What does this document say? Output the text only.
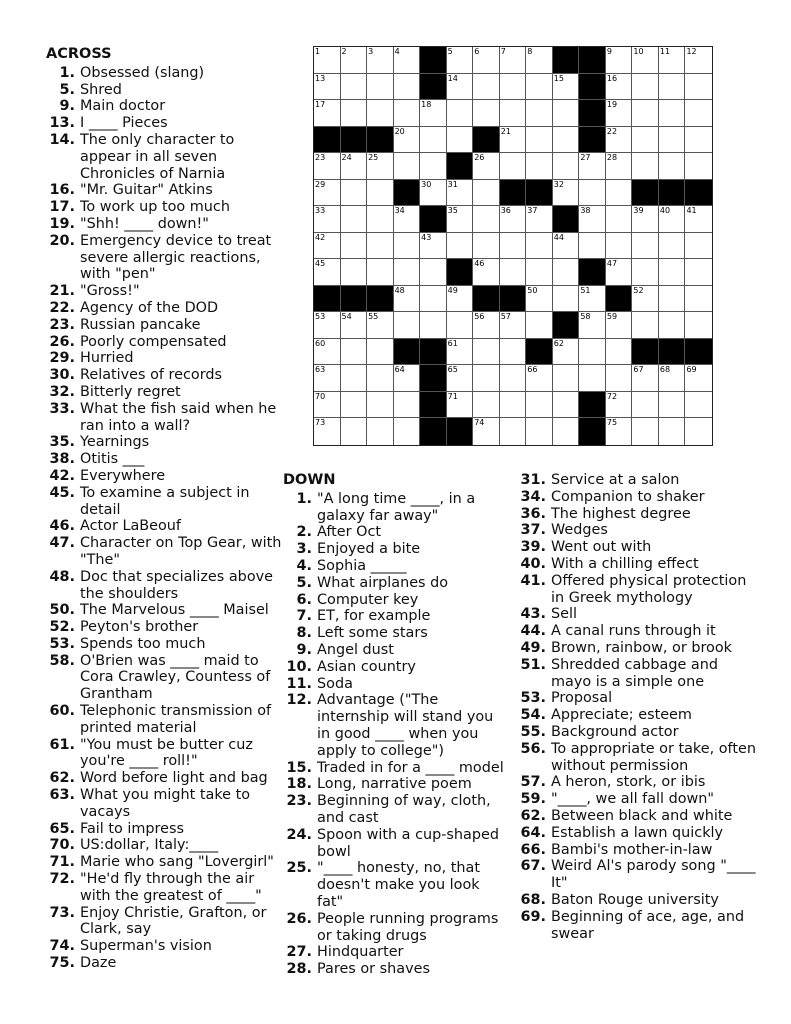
ACROSS
1. Obsessed (slang)
5. Shred
9. Main doctor
13. I ____ Pieces
14. The only character to appear in all seven Chronicles of Narnia
16. "Mr. Guitar" Atkins
17. To work up too much
19. "Shh! ____ down!"
20. Emergency device to treat severe allergic reactions, with "pen"
21. "Gross!"
22. Agency of the DOD
23. Russian pancake
26. Poorly compensated
29. Hurried
30. Relatives of records
32. Bitterly regret
33. What the fish said when he ran into a wall?
35. Yearnings
38. Otitis ___
42. Everywhere
45. To examine a subject in detail
46. Actor LaBeouf
47. Character on Top Gear, with "The"
48. Doc that specializes above the shoulders
50. The Marvelous ____ Maisel
52. Peyton's brother
53. Spends too much
58. O'Brien was ____ maid to Cora Crawley, Countess of Grantham
60. Telephonic transmission of printed material
61. "You must be butter cuz you're ____ roll!"
62. Word before light and bag
63. What you might take to vacays
65. Fail to impress
70. US:dollar, Italy:____
71. Marie who sang "Lovergirl"
72. "He'd fly through the air with the greatest of ____"
73. Enjoy Christie, Grafton, or Clark, say
74. Superman's vision
75. Daze
1	2	3	4	5	6	7	8	9	10 11 12
13	14	15	16
17	18	19
20	21	22
23 24 25	26	27 28
29	30 31	32
33	34	35	36 37	38	39 40 41
42	43	44
45	46	47
48	49	50	51	52
53 54 55	56 57	58 59
60	61	62
63	64	65	66	67 68 69
70	71	72
73	74	75
DOWN
1. "A long time ____, in a galaxy far away"
2. After Oct
3. Enjoyed a bite
4. Sophia _____
5. What airplanes do
6. Computer key
7. ET, for example
8. Left some stars
9. Angel dust
10. Asian country
11. Soda
12. Advantage ("The internship will stand you in good ____ when you apply to college")
15. Traded in for a ____ model
18. Long, narrative poem
23. Beginning of way, cloth, and cast
24. Spoon with a cup-shaped bowl
25. "____ honesty, no, that doesn't make you look fat"
26. People running programs or taking drugs
27. Hindquarter
28. Pares or shaves
31. Service at a salon
34. Companion to shaker
36. The highest degree
37. Wedges
39. Went out with
40. With a chilling effect
41. Offered physical protection in Greek mythology
43. Sell
44. A canal runs through it
49. Brown, rainbow, or brook
51. Shredded cabbage and mayo is a simple one
53. Proposal
54. Appreciate; esteem
55. Background actor
56. To appropriate or take, often without permission
57. A heron, stork, or ibis
59. "____, we all fall down"
62. Between black and white
64. Establish a lawn quickly
66. Bambi's mother-in-law
67. Weird Al's parody song "____ It"
68. Baton Rouge university
69. Beginning of ace, age, and swear
